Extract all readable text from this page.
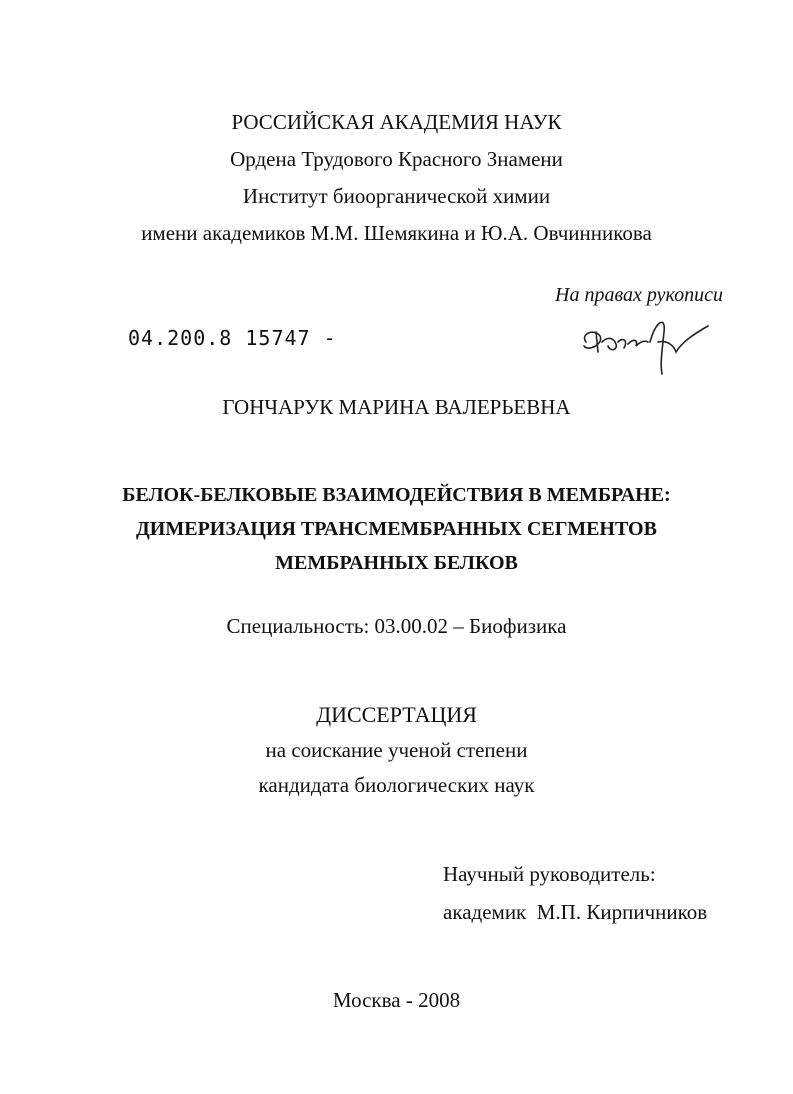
РОССИЙСКАЯ АКАДЕМИЯ НАУК
Ордена Трудового Красного Знамени
Институт биоорганической химии
имени академиков М.М. Шемякина и Ю.А. Овчинникова
На правах рукописи
04.200.8 15747 -
ГОНЧАРУК МАРИНА ВАЛЕРЬЕВНА
БЕЛОК-БЕЛКОВЫЕ ВЗАИМОДЕЙСТВИЯ В МЕМБРАНЕ:
ДИМЕРИЗАЦИЯ ТРАНСМЕМБРАННЫХ СЕГМЕНТОВ
МЕМБРАННЫХ БЕЛКОВ
Специальность: 03.00.02 – Биофизика
ДИССЕРТАЦИЯ
на соискание ученой степени
кандидата биологических наук
Научный руководитель:
академик  М.П. Кирпичников
Москва - 2008
